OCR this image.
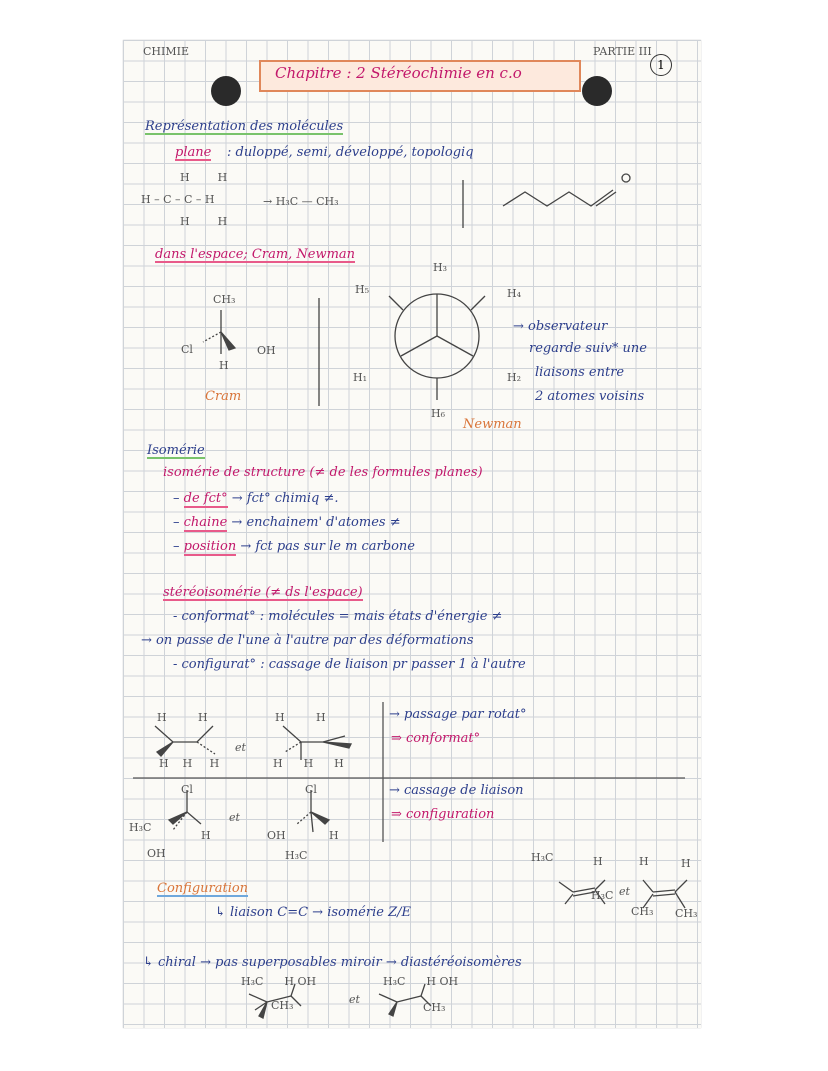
CHIMIE	PARTIE III
1
Chapitre : 2 Stéréochimie en c.o
Représentation des molécules
plane : duloppé, semi, développé, topologiq
H – C – C – H
H        H
H        H
→ H₃C — CH₃
dans l'espace; Cram, Newman
CH₃
Cl	OH
H
Cram
H₃
H₅	H₄
H₁	H₂
H₆
Newman
→ observateur
regarde suiv* une
liaisons entre
2 atomes voisins
Isomérie
isomérie de structure (≠ de les formules planes)
– de fct° → fct° chimiq ≠.
– chaine → enchainem' d'atomes ≠
– position → fct pas sur le m carbone
stéréoisomérie (≠ ds l'espace)
- conformat° : molécules = mais états d'énergie ≠
→ on passe de l'une à l'autre par des déformations
- configurat° : cassage de liaison pr passer 1 à l'autre
H         H	H         H
H    H     H	H      H      H
et
Cl	Cl
H₃C
H
OH
OH	H
H₃C
et
→ passage par rotat°
⇒ conformat°
→ cassage de liaison
⇒ configuration
Configuration
↳ liaison C=C → isomérie Z/E
↳ chiral → pas superposables miroir → diastéréoisomères
H₃C	H	H	H
H₃C
CH₃ CH₃
et
H₃C      H OH
CH₃	et
H₃C      H OH
CH₃
